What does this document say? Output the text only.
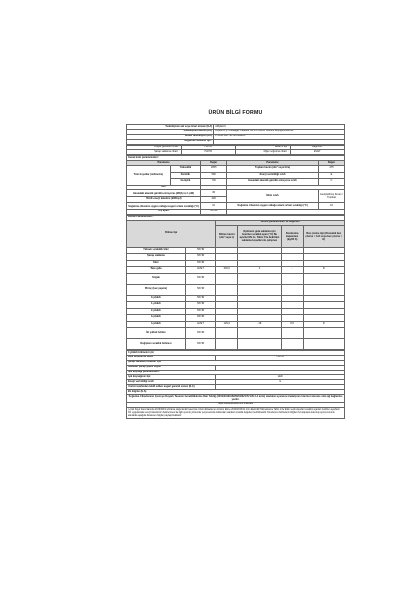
ÜRÜN BİLGİ FORMU
Tedarikçinin adı veya ticari ünvanı (İLA)	ARÇELİK
Tedarikçinin adresi (İLA)	Arçelik A.Ş. Karaağaç Caddesi No:2-6 34445 Sütlüce Beyoğlu/İstanbul
Model tanımlayıcı (İLA)	270652 EB T2PİSOGLEAX
Soğutma cihazının tipi :	
Düşük gürültülü cihaz :	HAYIR	Tasarım tipi :	Bağımsız
Şarap saklama cihazı :	HAYIR	Diğer soğutma cihazı :	EVET
Genel ürün parametreleri:				
Parametre		Değer	Parametre	Değer
Tüm boyutlar (milimetre)	Yükseklik	1855	Toplam hacim (dm³ veya litre)	475
	Derinlik	590	Enerji verimliliği sınıfı	E
	Genişlik	700	Havadaki akustik gürültü emisyonu sınıfı	C
EEI				
Havadaki akustik gürültü emisyonu (dB(A) re 1 pW)		36	İklim sınıfı	Genişletilmiş Ilıman / Tropikal
YEAK enerji tüketimi (kWh/yıl)		290		
Soğutma cihazının uygun olduğu asgari ortam sıcaklığı (°C)		10	Soğutma cihazının uygun olduğu azami ortam sıcaklığı (°C)	43
Kış ayarı		HAYIR		
Bölme Parametreleri :					
Bölme tipi		Bölme parametreleri ve değerleri			
		Bölme hacmi (dm³ veya L)	Optimum gıda saklama için önerilen sıcaklık ayarı (°C) Bu ayarlar EN 1s. Tablo 3'te belirtilen saklama koşulları ile çelişmez	Dondurma kapasitesi (kg/24 h)	Buz çözme tipi (Otomatik buz çözme = A-D veya buz çözme = E)
Yüksek sıcaklıklı kiler	HAYIR				
Şarap saklama	HAYIR				
Kiler	HAYIR				
Taze gıda	EVET	346,0	4	-	D
Soğuk	HAYIR				
Pirinç (buz yapımı)	HAYIR				
0-yıldızlı	HAYIR				
1-yıldızlı	HAYIR				
2-yıldızlı	HAYIR				
3-yıldızlı	HAYIR				
4-yıldızlı	EVET	129,0	-18	8,5	D
İki yıldızlı bölüm	HAYIR				
Değişken sıcaklık bölmesi	HAYIR				
4 yıldızlı bölmeler için	
Hızlı dondurma tesisi	HAYIR
Şarap saklama cihazları için	
Standart şarap şişesi sayısı	
Işık kaynağı parametreleri:	
Işık kaynağının tipi	LED
Enerji verimliliği sınıfı	G
Üretici tarafından teklif edilen asgari garanti süresi (İLA)	
Ek bilgiler (İLA)	
Soğutma Cihazlarının Çevreye Duyarlı Tasarım Gerekliliklerine Dair Tebliğ (2019/2019/AB/2020/2021/72 EN 4-4 ürün) maddesi uyarınca imalatçının internet sitesine olan ağ bağlantısı yazılır.	
https://www.arcelik.com.tr/destek
(+) Ek Kayıt Kanunlarında 2019/2019 sıfırlama değerlendirmelerinde Ürünü Etiketlenen ürünün Ekine 2019/2016/11 ürün Elektrikli Talimatname Tablo 1'de Etkin seçili standart sıcaklık ayarları belirtilen ayarların %1 uygulamalar enerji tüketiminin belirlenmesi ile ilgili uyumlu yöntemler çerçevesinde kullanılan standart sıcaklık değerleri belirtilmelidir. Dondurucu bölmelerin bilgileri İLA kapsamında olup ayrıca zorunlu alanlarda aşağıda listelenen bilgiler paylaşılmaktadır.
